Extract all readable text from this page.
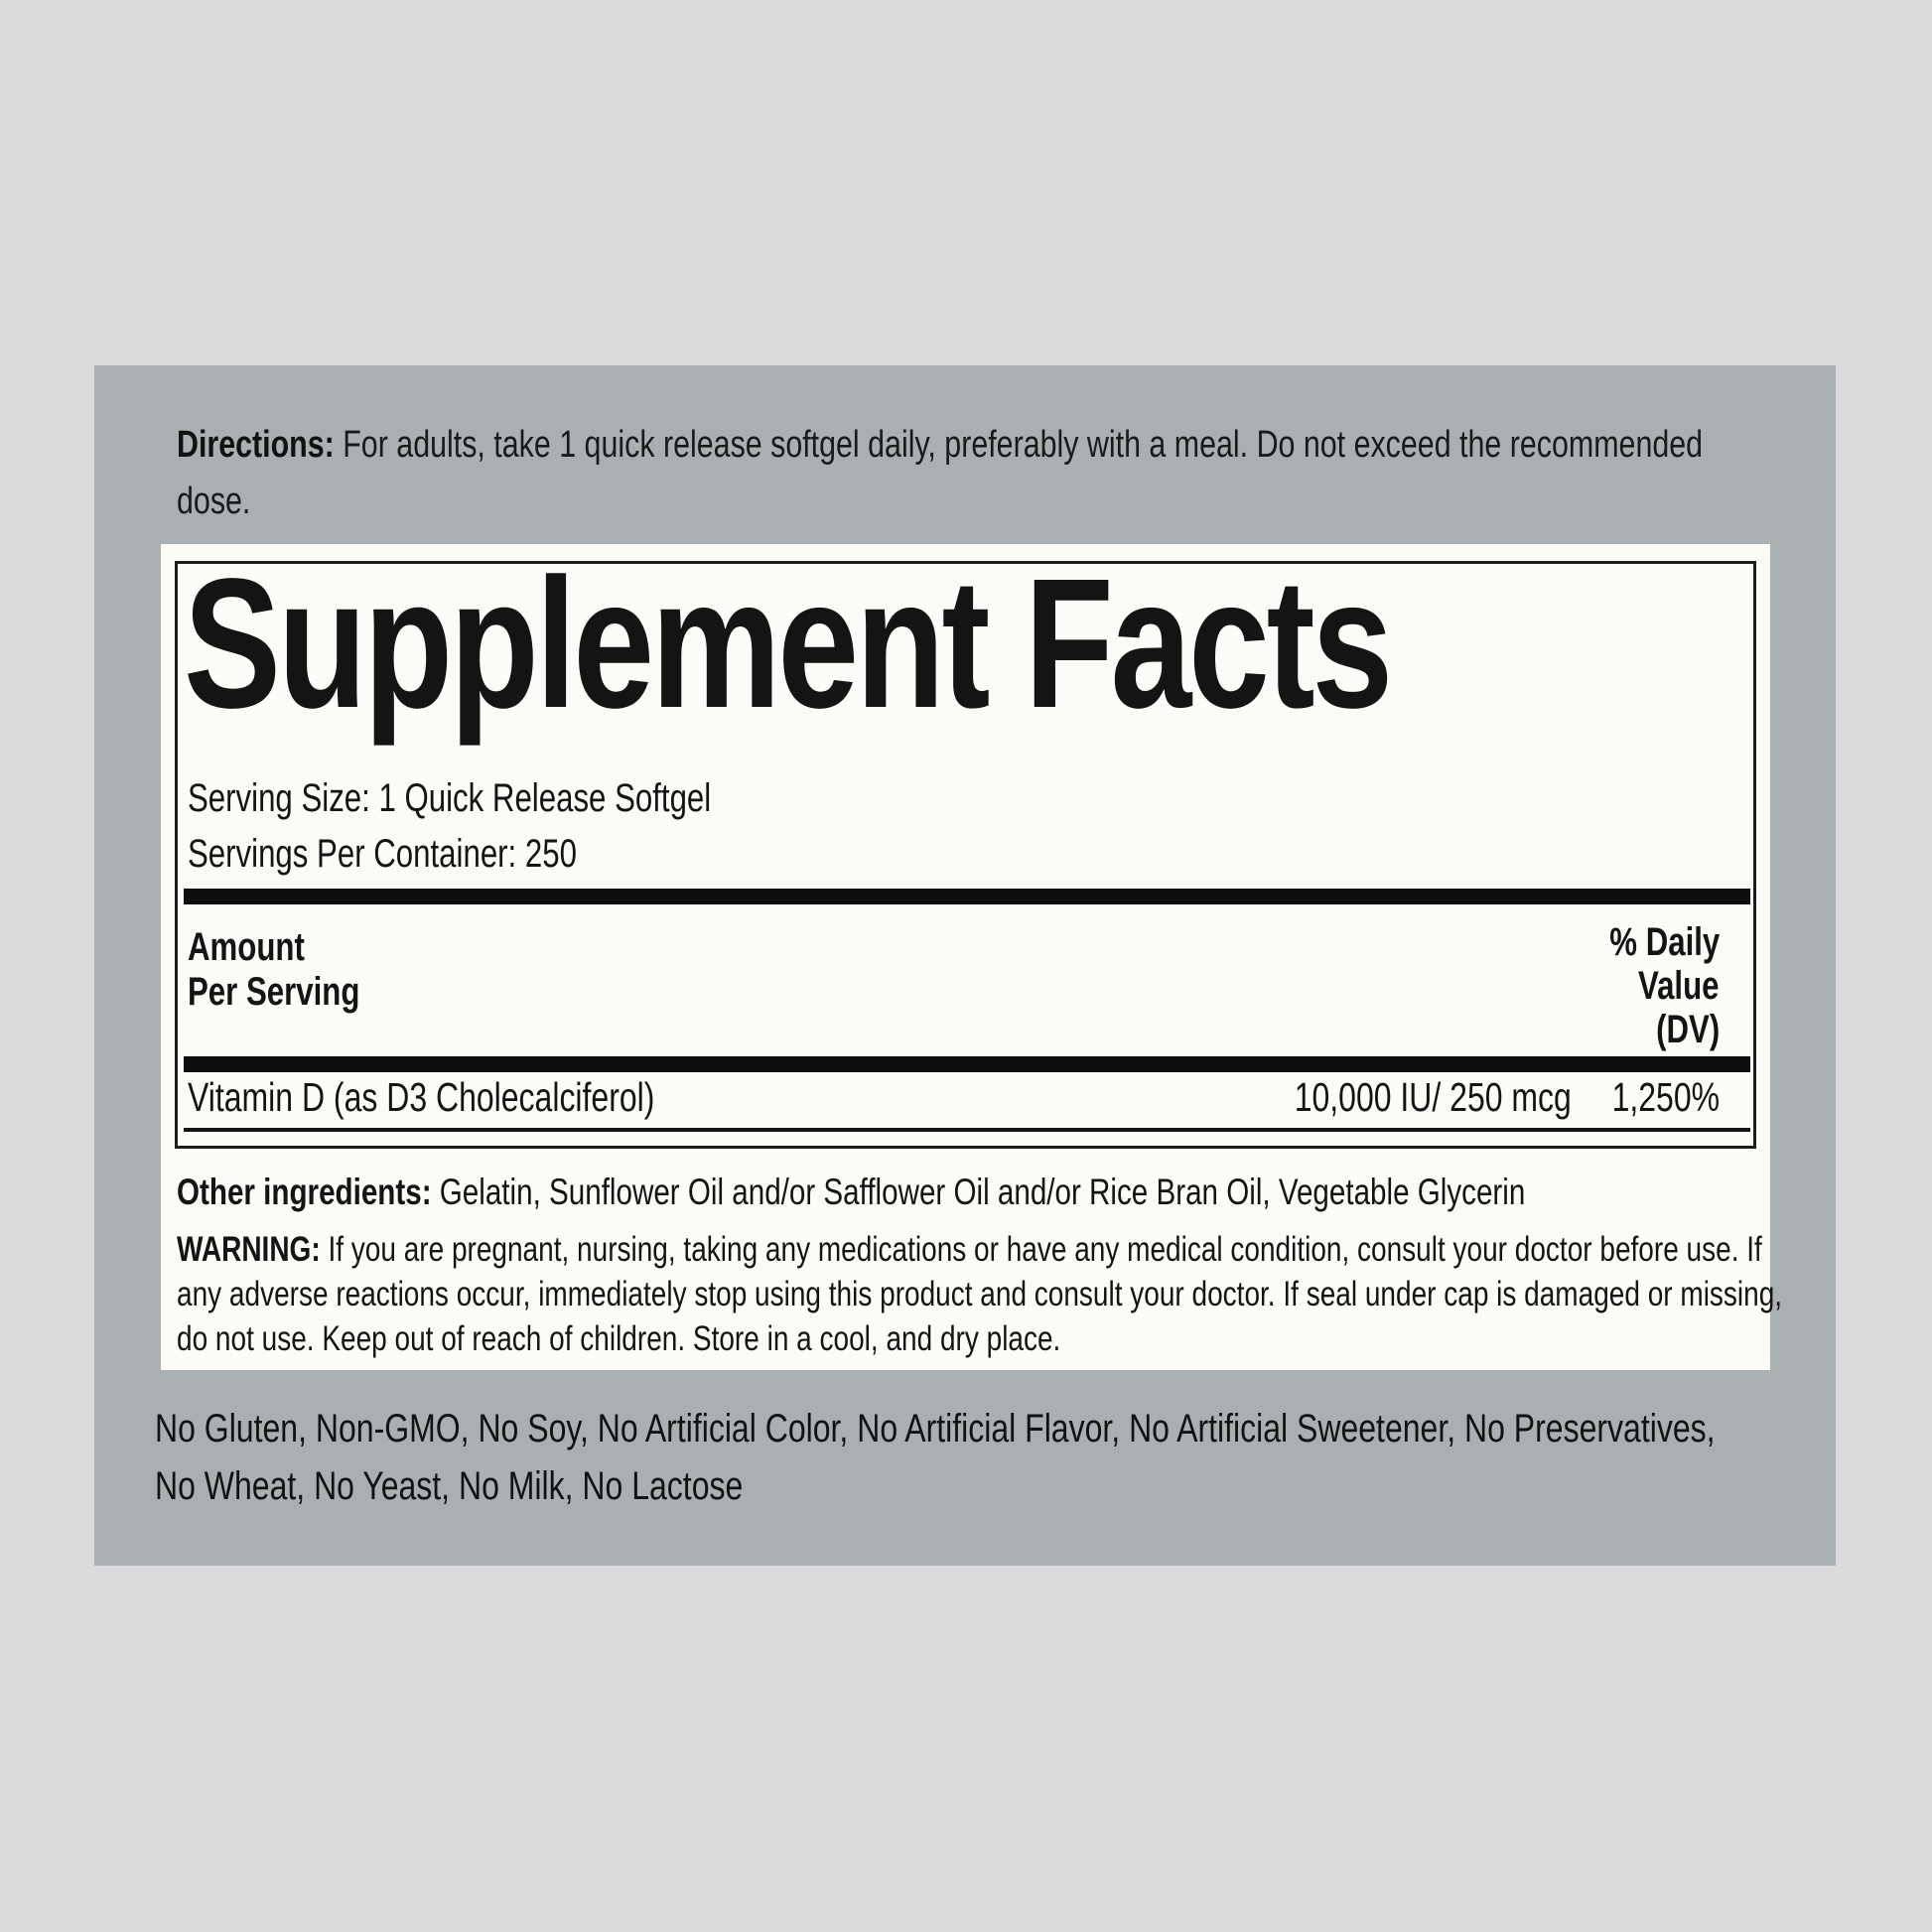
Directions: For adults, take 1 quick release softgel daily, preferably with a meal. Do not exceed the recommended dose.

Supplement Facts
Serving Size: 1 Quick Release Softgel
Servings Per Container: 250
Amount
Per Serving
% Daily
Value
(DV)
Vitamin D (as D3 Cholecalciferol)	10,000 IU/ 250 mcg 1,250%

Other ingredients: Gelatin, Sunflower Oil and/or Safflower Oil and/or Rice Bran Oil, Vegetable Glycerin

WARNING: If you are pregnant, nursing, taking any medications or have any medical condition, consult your doctor before use. If any adverse reactions occur, immediately stop using this product and consult your doctor. If seal under cap is damaged or missing, do not use. Keep out of reach of children. Store in a cool, and dry place.

No Gluten, Non-GMO, No Soy, No Artificial Color, No Artificial Flavor, No Artificial Sweetener, No Preservatives, No Wheat, No Yeast, No Milk, No Lactose
